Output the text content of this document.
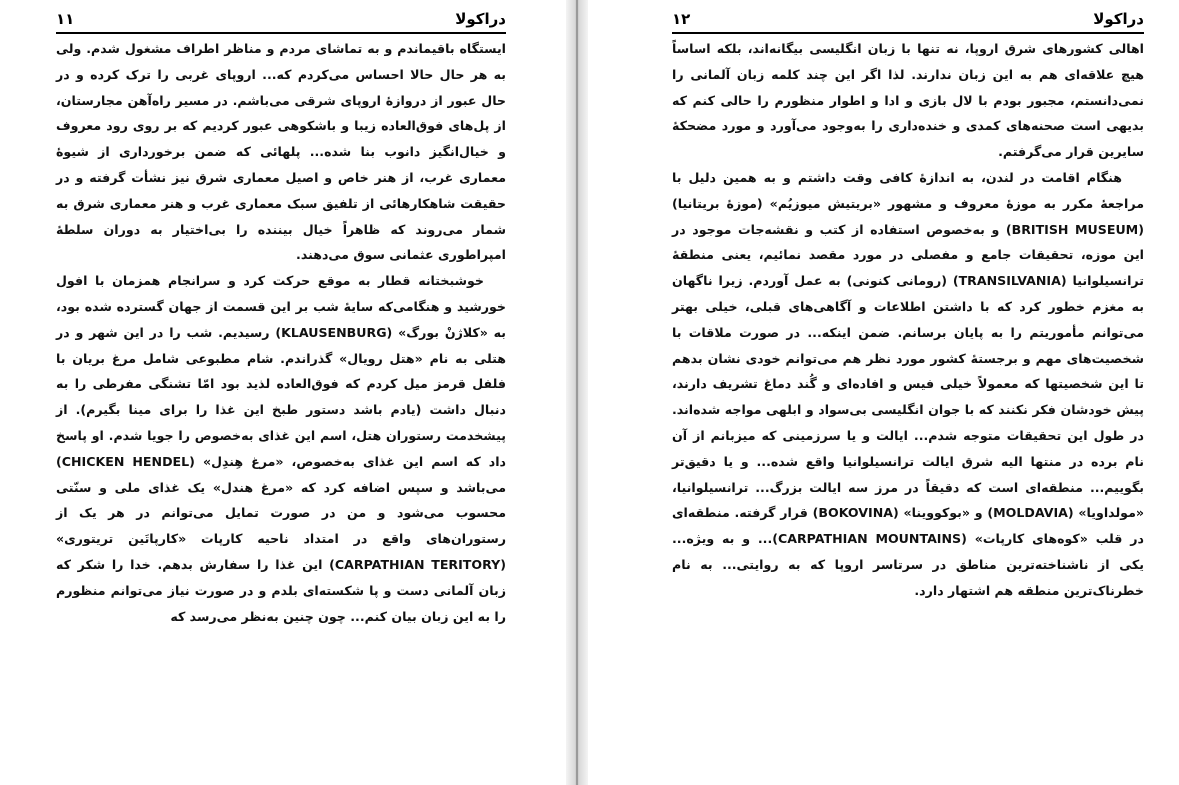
دراکولا
۱۱

ایستگاه باقیماندم و به تماشای مردم و مناظر اطراف مشغول شدم. ولی به هر حال حالا احساس می‌کردم که... اروپای غربی را ترک کرده و در حال عبور از دروازهٔ اروپای شرقی می‌باشم. در مسیر راه‌آهن مجارستان، از پل‌های فوق‌العاده زیبا و باشکوهی عبور کردیم که بر روی رود معروف و خیال‌انگیز دانوب بنا شده... پلهائی که ضمن برخورداری از شیوهٔ معماری غرب، از هنر خاص و اصیل معماری شرق نیز نشأت گرفته و در حقیقت شاهکارهائی از تلفیق سبک معماری غرب و هنر معماری شرق به شمار می‌روند که ظاهراً خیال بیننده را بی‌اختیار به دوران سلطهٔ امپراطوری عثمانی سوق می‌دهند.

خوشبختانه قطار به موقع حرکت کرد و سرانجام همزمان با افول خورشید و هنگامی‌که سایهٔ شب بر این قسمت از جهان گسترده شده بود، به «کلاژنْ بورگ» (KLAUSENBURG) رسیدیم. شب را در این شهر و در هتلی به نام «هتل رویال» گذراندم. شام مطبوعی شامل مرغ بریان با فلفل قرمز میل کردم که فوق‌العاده لذید بود امّا تشنگی مفرطی را به دنبال داشت (یادم باشد دستور طبخ این غذا را برای مینا بگیرم). از پیشخدمت رستوران هتل، اسم این غذای به‌خصوص را جویا شدم. او پاسخ داد که اسم این غذای به‌خصوص، «مرغ هِندِل» (CHICKEN HENDEL) می‌باشد و سپس اضافه کرد که «مرغ هندل» یک غذای ملی و سنّتی محسوب می‌شود و من در صورت تمایل می‌توانم در هر یک از رستوران‌های واقع در امتداد ناحیه کارپات «کارپاتَین تریتوری» (CARPATHIAN TERITORY) این غذا را سفارش بدهم. خدا را شکر که زبان آلمانی دست و پا شکسته‌ای بلدم و در صورت نیاز می‌توانم منظورم را به این زبان بیان کنم... چون چنین به‌نظر می‌رسد که

دراکولا
۱۲

اهالی کشورهای شرق اروپا، نه تنها با زبان انگلیسی بیگانه‌اند، بلکه اساساً هیچ علاقه‌ای هم به این زبان ندارند. لذا اگر این چند کلمه زبان آلمانی را نمی‌دانستم، مجبور بودم با لال بازی و ادا و اطوار منظورم را حالی کنم که بدیهی است صحنه‌های کمدی و خنده‌داری را به‌وجود می‌آورد و مورد مضحکهٔ سایرین قرار می‌گرفتم.

هنگام اقامت در لندن، به اندازهٔ کافی وقت داشتم و به همین دلیل با مراجعهٔ مکرر به موزهٔ معروف و مشهور «بریتیش میوزیُم» (موزهٔ بریتانیا) (BRITISH MUSEUM) و به‌خصوص استفاده از کتب و نقشه‌جات موجود در این موزه، تحقیقات جامع و مفصلی در مورد مقصد نمائیم، یعنی منطقهٔ ترانسیلوانیا (TRANSILVANIA) (رومانی کنونی) به عمل آوردم. زیرا ناگهان به مغزم خطور کرد که با داشتن اطلاعات و آگاهی‌های قبلی، خیلی بهتر می‌توانم مأموریتم را به پایان برسانم. ضمن اینکه... در صورت ملاقات با شخصیت‌های مهم و برجستهٔ کشور مورد نظر هم می‌توانم خودی نشان بدهم تا این شخصیتها که معمولاً خیلی فیس و افاده‌ای و گُند دماغ تشریف دارند، پیش خودشان فکر نکنند که با جوان انگلیسی بی‌سواد و ابلهی مواجه شده‌اند. در طول این تحقیقات متوجه شدم... ایالت و یا سرزمینی که میزبانم از آن نام برده در منتها الیه شرق ایالت ترانسیلوانیا واقع شده... و یا دقیق‌تر بگوییم... منطقه‌ای است که دقیقاً در مرز سه ایالت بزرگ... ترانسیلوانیا، «مولداویا» (MOLDAVIA) و «بوکووینا» (BOKOVINA) قرار گرفته. منطقه‌ای در قلب «کوه‌های کارپات» (CARPATHIAN MOUNTAINS)... و به ویژه... یکی از ناشناخته‌ترین مناطق در سرتاسر اروپا که به روایتی... به نام خطرناک‌ترین منطقه هم اشتهار دارد.
